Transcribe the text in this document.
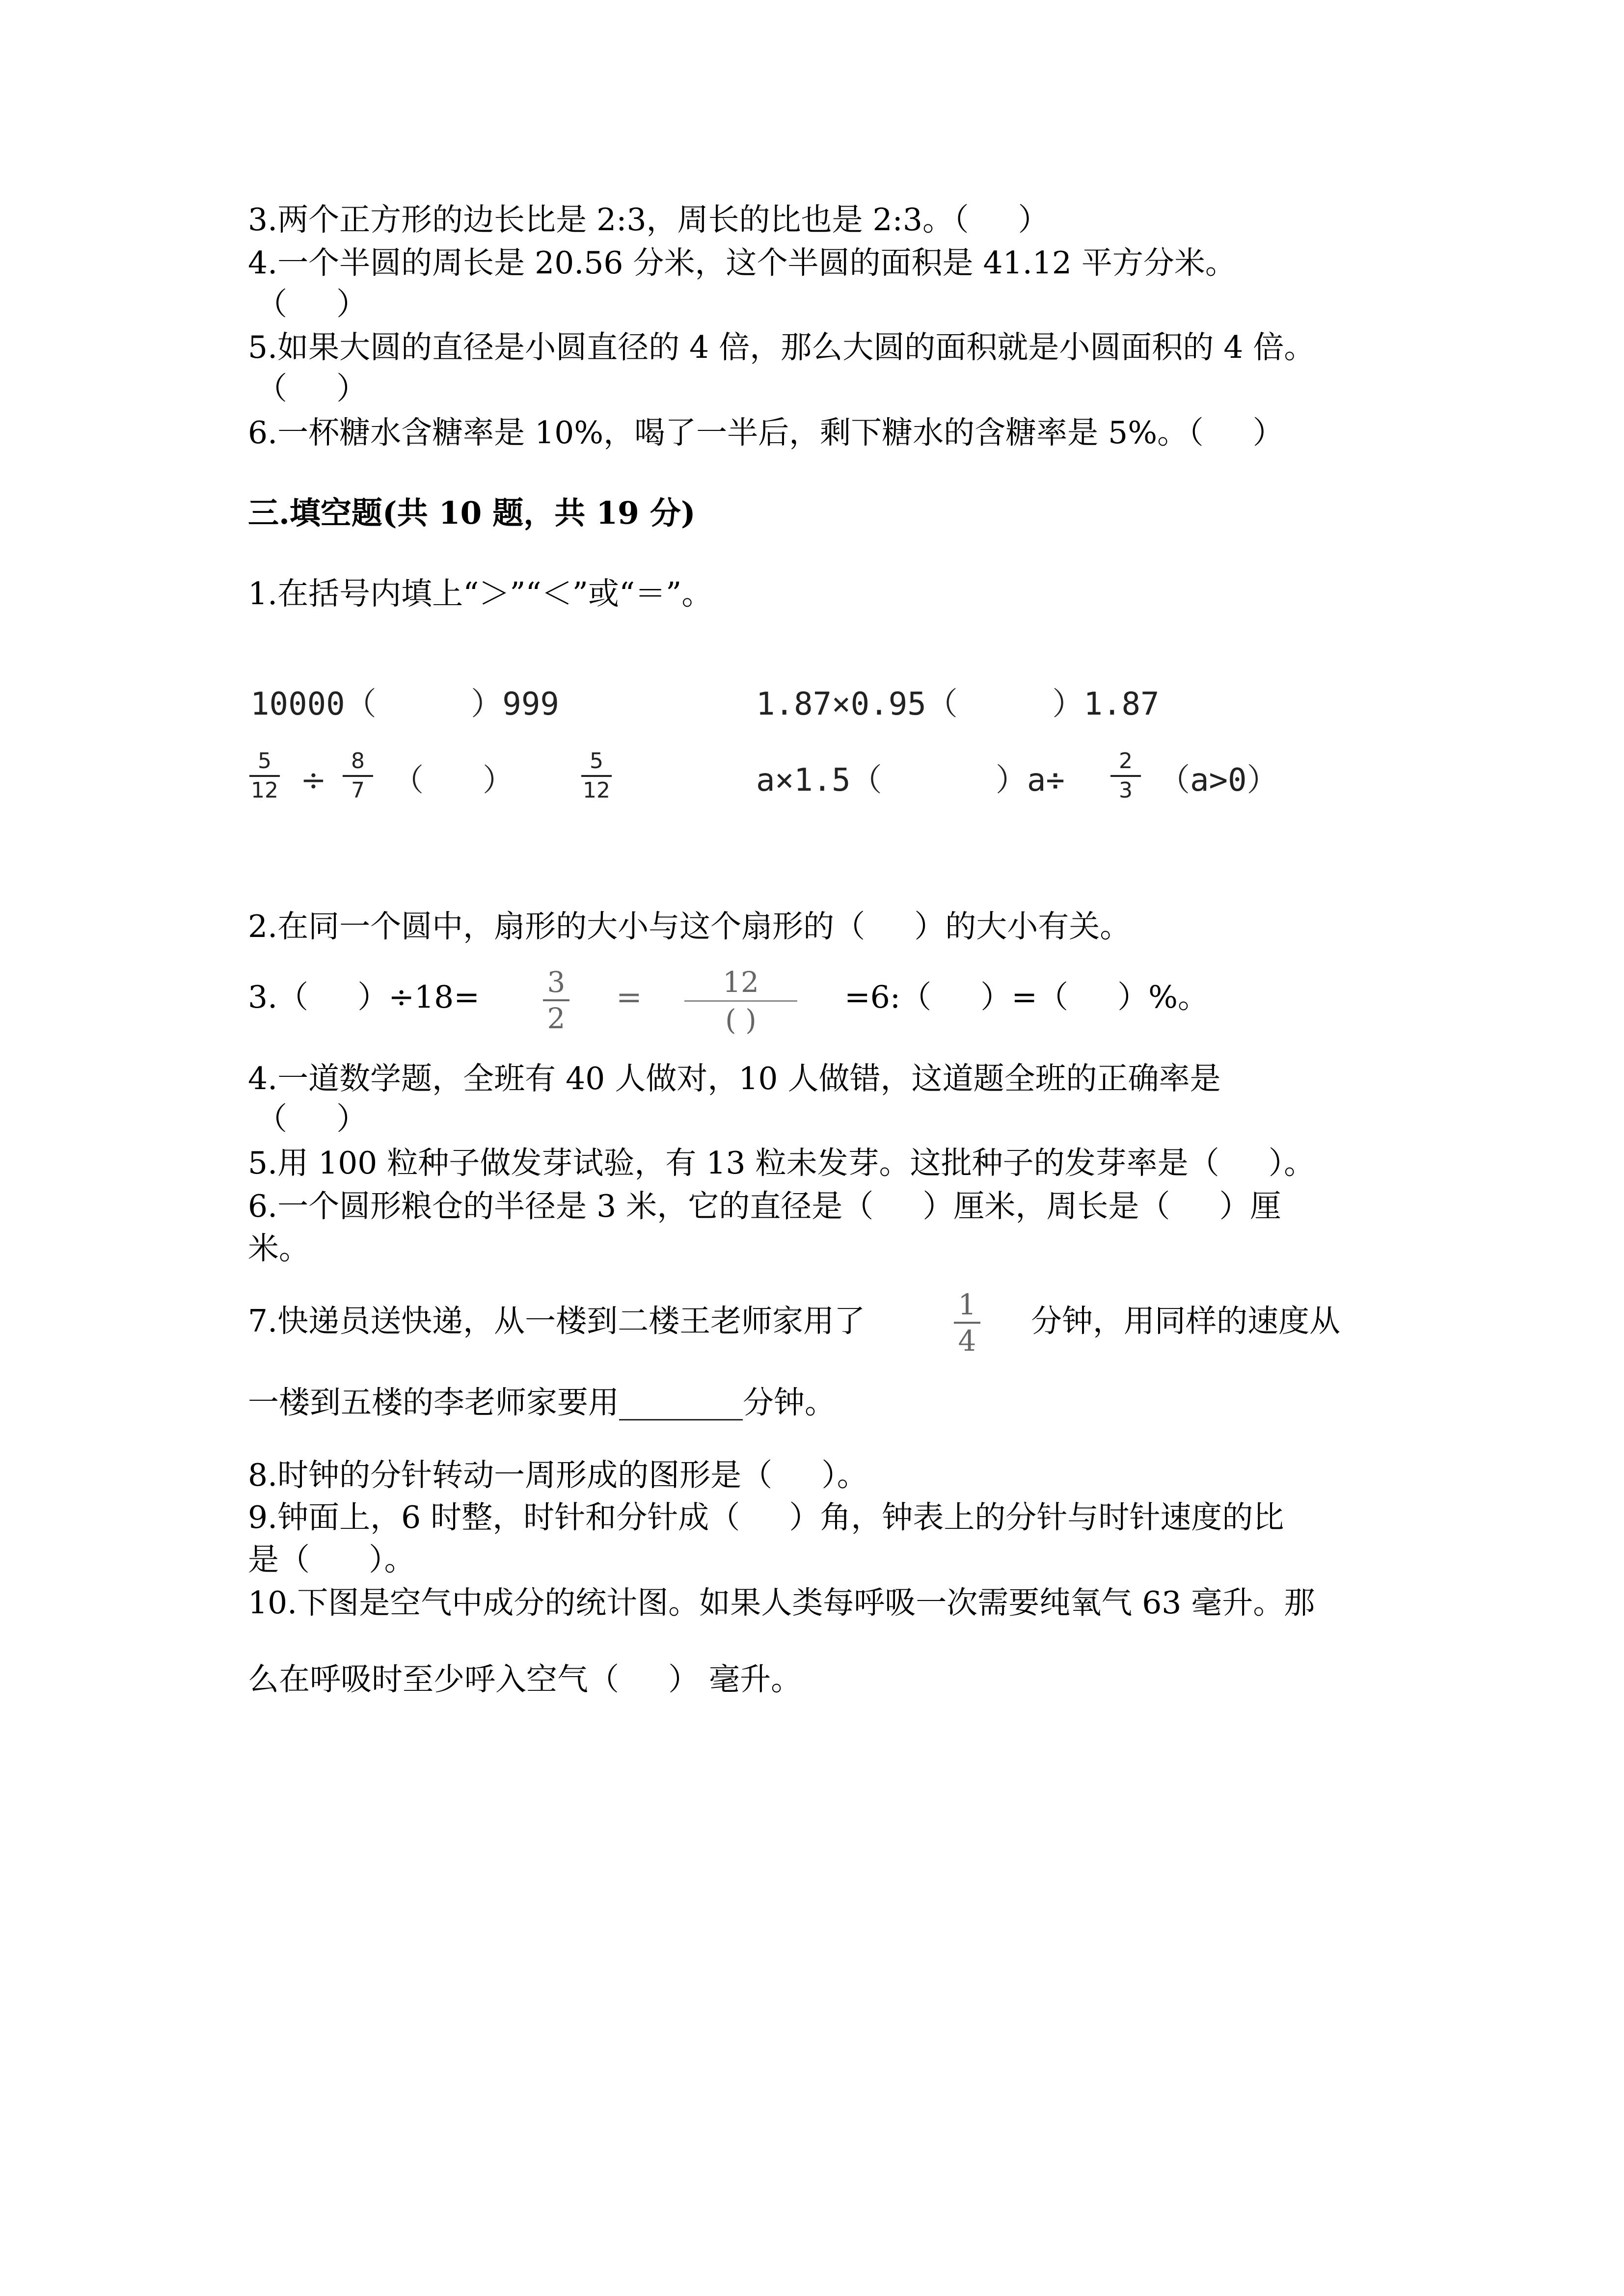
3.两个正方形的边长比是 2:3，周长的比也是 2:3。（     ）
4.一个半圆的周长是 20.56 分米，这个半圆的面积是 41.12 平方分米。
（     ）
5.如果大圆的直径是小圆直径的 4 倍，那么大圆的面积就是小圆面积的 4 倍。
（     ）
6.一杯糖水含糖率是 10%，喝了一半后，剩下糖水的含糖率是 5%。（     ）
三.填空题(共 10 题，共 19 分)
1.在括号内填上“＞”“＜”或“＝”。
10000（     ）999	1.87×0.95（     ）1.87
5
12 ÷
8
7 （      ）
5
12	a×1.5（      ）a÷
2
3 （a>0）
2.在同一个圆中，扇形的大小与这个扇形的（     ）的大小有关。
3.（     ）÷18=	3
2
=	12
( )
=6:（     ）=（     ）%。
4.一道数学题，全班有 40 人做对，10 人做错，这道题全班的正确率是
（     ）
5.用 100 粒种子做发芽试验，有 13 粒未发芽。这批种子的发芽率是（     ）。
6.一个圆形粮仓的半径是 3 米，它的直径是（     ）厘米，周长是（     ）厘
米。
7.快递员送快递，从一楼到二楼王老师家用了	1
4
分钟，用同样的速度从
一楼到五楼的李老师家要用________分钟。
8.时钟的分针转动一周形成的图形是（     ）。
9.钟面上，6 时整，时针和分针成（     ）角，钟表上的分针与时针速度的比
是（      ）。
10.下图是空气中成分的统计图。如果人类每呼吸一次需要纯氧气 63 毫升。那
么在呼吸时至少呼入空气（     ） 毫升。
